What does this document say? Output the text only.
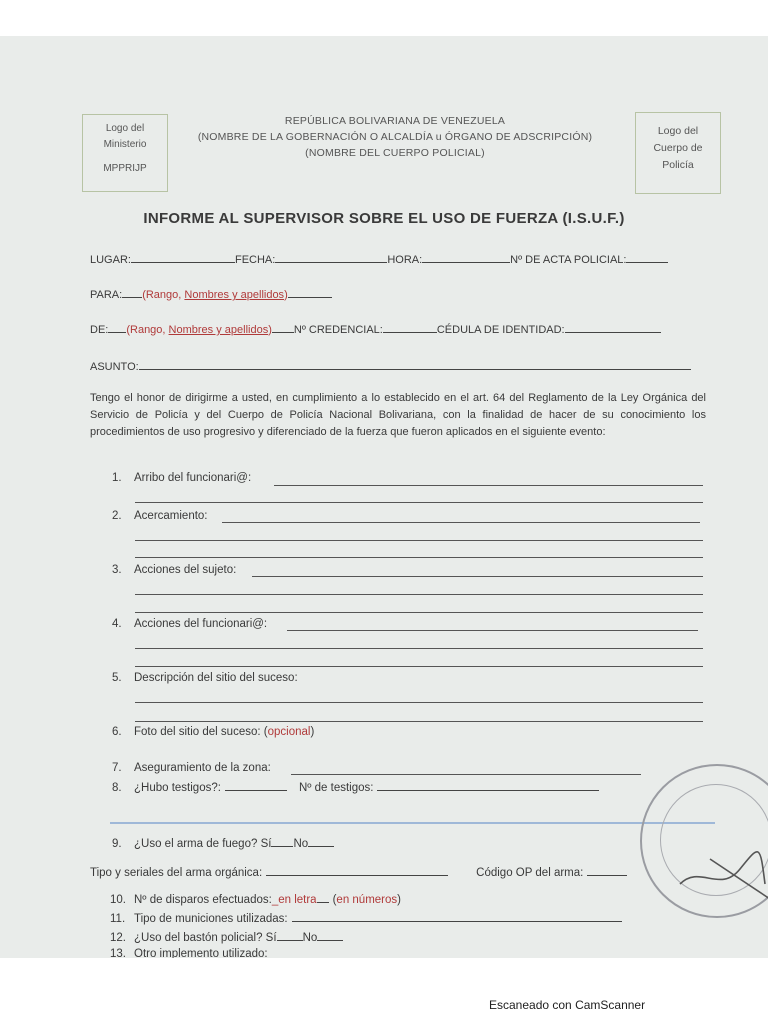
Logo del
Ministerio
MPPRIJP
Logo del
Cuerpo de
Policía
REPÚBLICA BOLIVARIANA DE VENEZUELA
(NOMBRE DE LA GOBERNACIÓN O ALCALDÍA u ÓRGANO DE ADSCRIPCIÓN)
(NOMBRE DEL CUERPO POLICIAL)
INFORME AL SUPERVISOR SOBRE EL USO DE FUERZA (I.S.U.F.)
LUGAR:	FECHA:	HORA:	Nº DE ACTA POLICIAL:
PARA: (Rango, Nombres y apellidos)
DE: (Rango, Nombres y apellidos) Nº CREDENCIAL:	CÉDULA DE IDENTIDAD:
ASUNTO:
Tengo el honor de dirigirme a usted, en cumplimiento a lo establecido en el art. 64 del Reglamento de la Ley Orgánica del Servicio de Policía y del Cuerpo de Policía Nacional Bolivariana, con la finalidad de hacer de su conocimiento los procedimientos de uso progresivo y diferenciado de la fuerza que fueron aplicados en el siguiente evento:
1. Arribo del funcionari@:
2. Acercamiento:
3. Acciones del sujeto:
4. Acciones del funcionari@:
5. Descripción del sitio del suceso:
6. Foto del sitio del suceso: (opcional)
7. Aseguramiento de la zona:
8. ¿Hubo testigos?:	Nº de testigos:
9. ¿Uso el arma de fuego? Sí No
Tipo y seriales del arma orgánica:	Código OP del arma:
10. Nº de disparos efectuados:_en letra (en números)
11. Tipo de municiones utilizadas:
12. ¿Uso del bastón policial? Sí No
13. Otro implemento utilizado:
Escaneado con CamScanner
